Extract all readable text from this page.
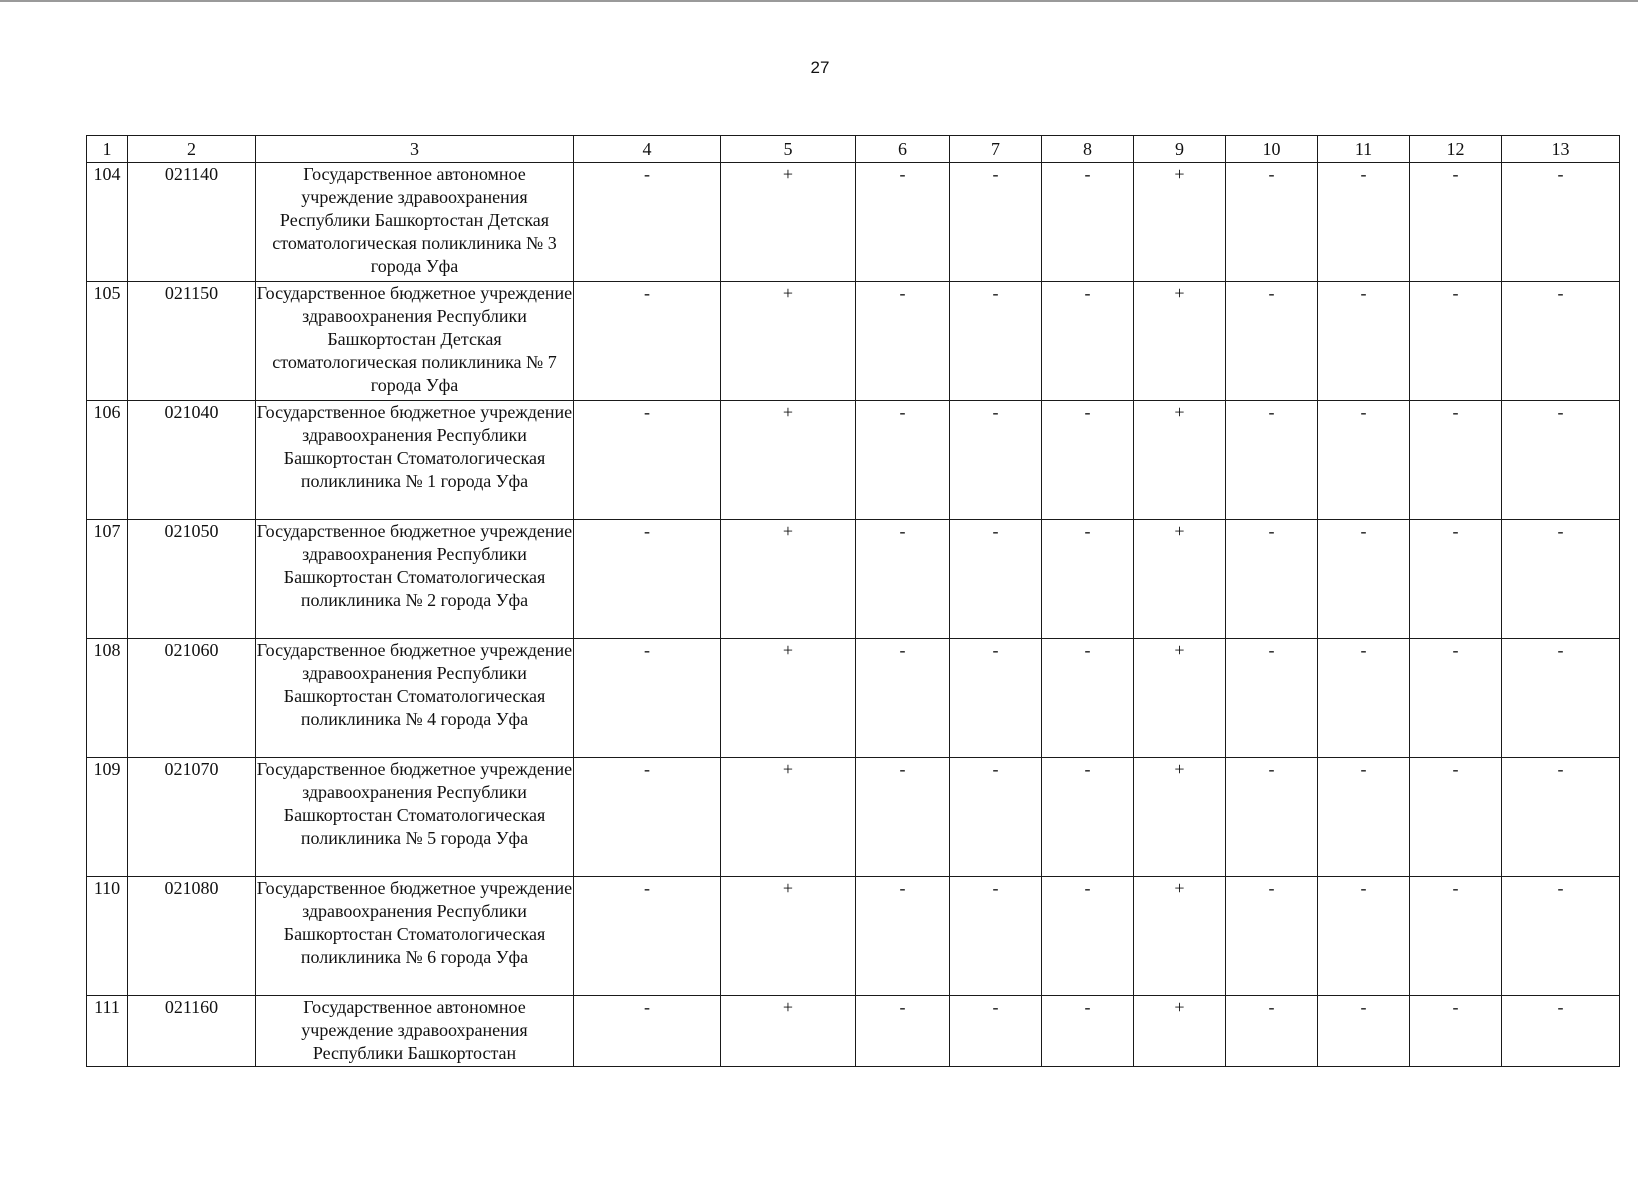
27
1	2	3	4	5	6	7	8	9	10	11	12	13
104	021140	Государственное автономное учреждение здравоохранения Республики Башкортостан Детская стоматологическая поликлиника № 3 города Уфа	-	+	-	-	-	+	-	-	-	-
105	021150	Государственное бюджетное учреждение здравоохранения Республики Башкортостан Детская стоматологическая поликлиника № 7 города Уфа	-	+	-	-	-	+	-	-	-	-
106	021040	Государственное бюджетное учреждение здравоохранения Республики Башкортостан Стоматологическая поликлиника № 1 города Уфа	-	+	-	-	-	+	-	-	-	-
107	021050	Государственное бюджетное учреждение здравоохранения Республики Башкортостан Стоматологическая поликлиника № 2 города Уфа	-	+	-	-	-	+	-	-	-	-
108	021060	Государственное бюджетное учреждение здравоохранения Республики Башкортостан Стоматологическая поликлиника № 4 города Уфа	-	+	-	-	-	+	-	-	-	-
109	021070	Государственное бюджетное учреждение здравоохранения Республики Башкортостан Стоматологическая поликлиника № 5 города Уфа	-	+	-	-	-	+	-	-	-	-
110	021080	Государственное бюджетное учреждение здравоохранения Республики Башкортостан Стоматологическая поликлиника № 6 города Уфа	-	+	-	-	-	+	-	-	-	-
111	021160	Государственное автономное учреждение здравоохранения Республики Башкортостан	-	+	-	-	-	+	-	-	-	-
